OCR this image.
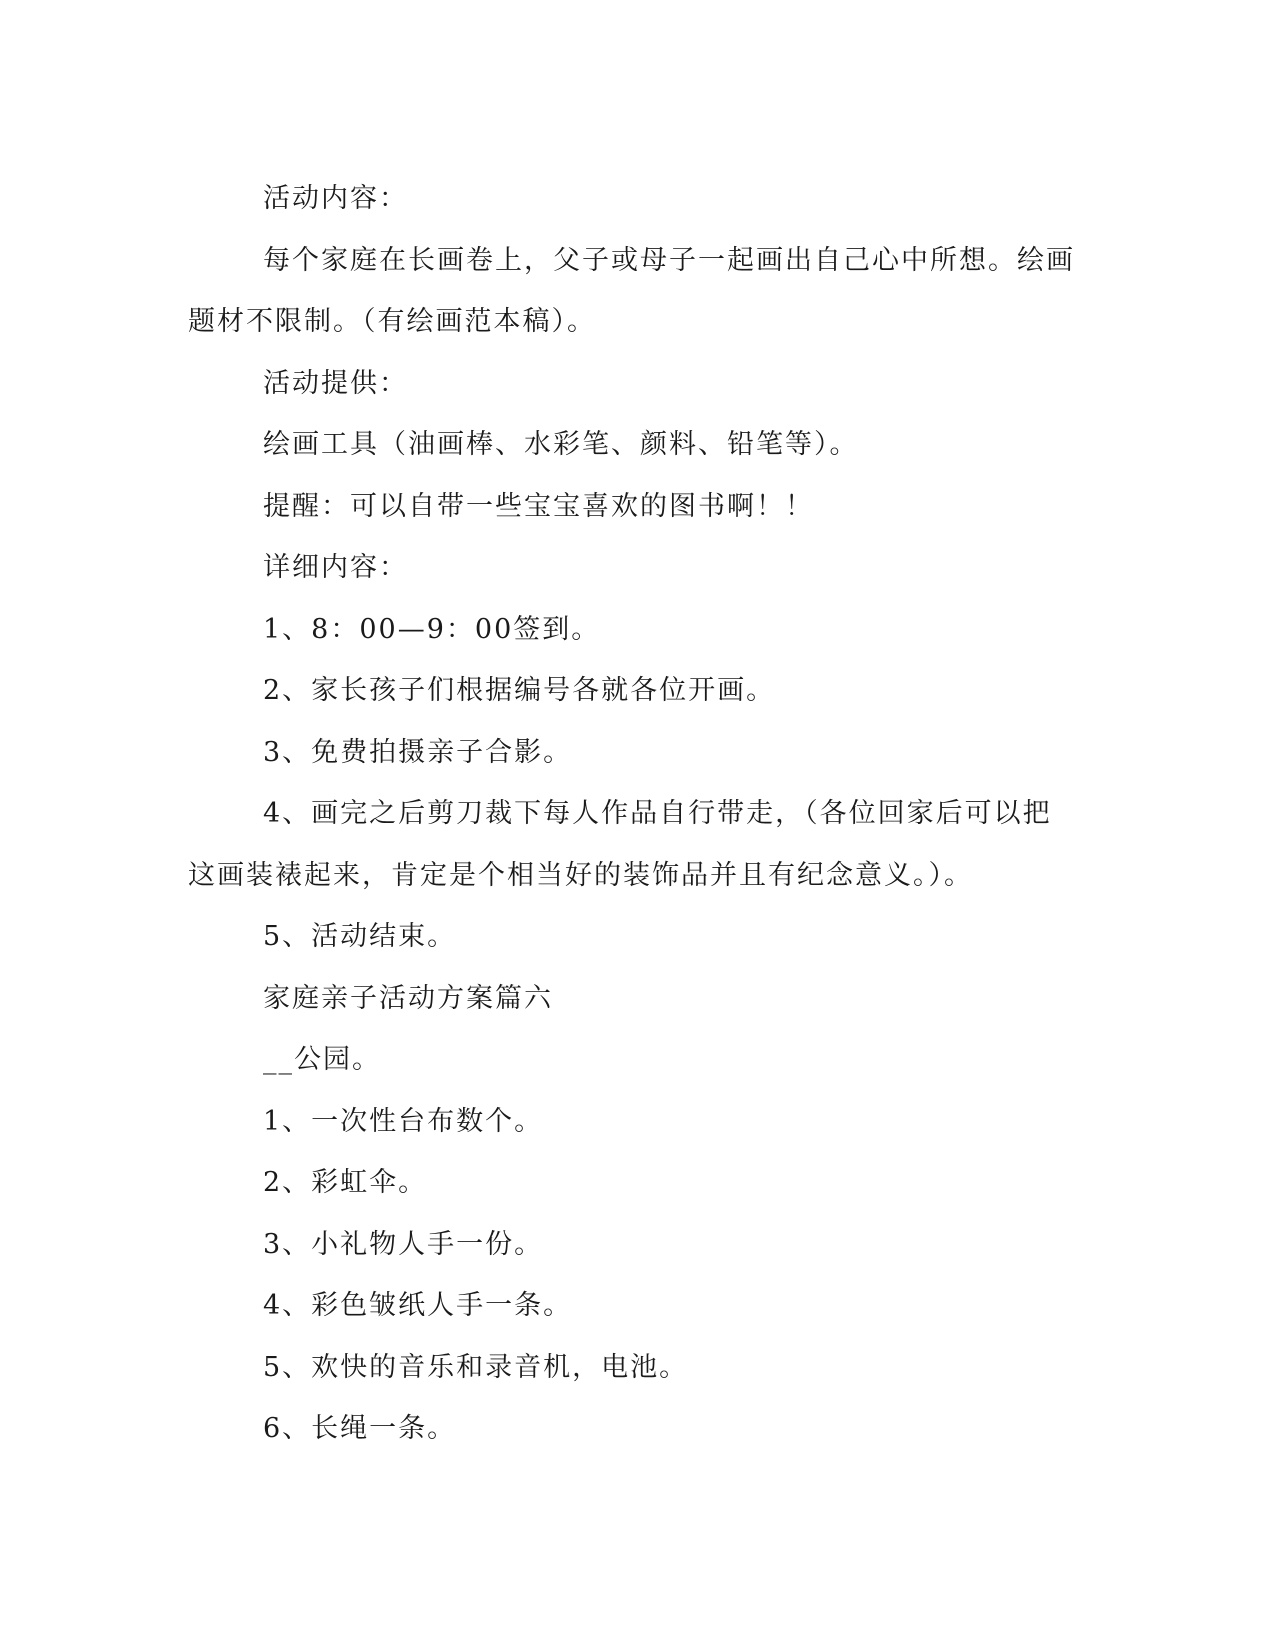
活动内容：

每个家庭在长画卷上，父子或母子一起画出自己心中所想。绘画题材不限制。（有绘画范本稿）。

活动提供：

绘画工具（油画棒、水彩笔、颜料、铅笔等）。

提醒：可以自带一些宝宝喜欢的图书啊！！

详细内容：

1、8：00—9：00签到。

2、家长孩子们根据编号各就各位开画。

3、免费拍摄亲子合影。

4、画完之后剪刀裁下每人作品自行带走，（各位回家后可以把这画装裱起来，肯定是个相当好的装饰品并且有纪念意义。）。

5、活动结束。

家庭亲子活动方案篇六

__公园。

1、一次性台布数个。

2、彩虹伞。

3、小礼物人手一份。

4、彩色皱纸人手一条。

5、欢快的音乐和录音机，电池。

6、长绳一条。
